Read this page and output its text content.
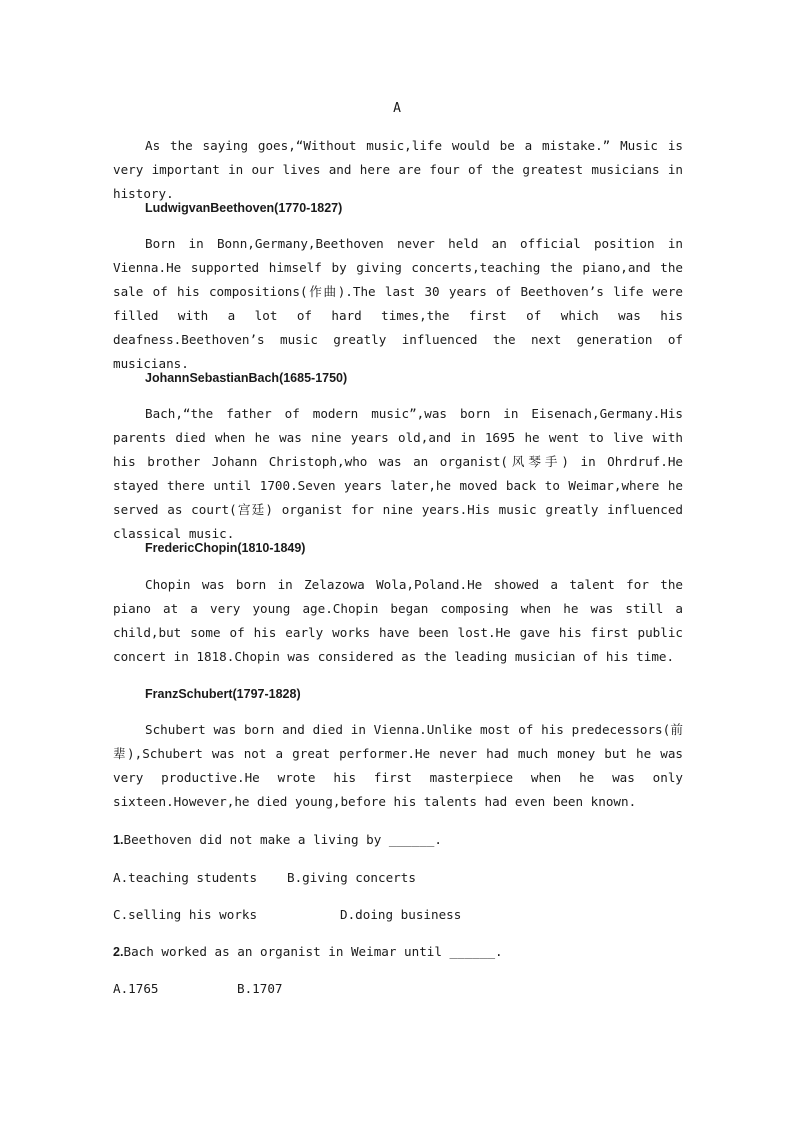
A

As the saying goes,“Without music,life would be a mistake.” Music is very important in our lives and here are four of the greatest musicians in history.

LudwigvanBeethoven(1770-1827)

Born in Bonn,Germany,Beethoven never held an official position in Vienna.He supported himself by giving concerts,teaching the piano,and the sale of his compositions(作曲).The last 30 years of Beethoven’s life were filled with a lot of hard times,the first of which was his deafness.Beethoven’s music greatly influenced the next generation of musicians.

JohannSebastianBach(1685-1750)

Bach,“the father of modern music”,was born in Eisenach,Germany.His parents died when he was nine years old,and in 1695 he went to live with his brother Johann Christoph,who was an organist(风琴手) in Ohrdruf.He stayed there until 1700.Seven years later,he moved back to Weimar,where he served as court(宫廷) organist for nine years.His music greatly influenced classical music.

FredericChopin(1810-1849)

Chopin was born in Zelazowa Wola,Poland.He showed a talent for the piano at a very young age.Chopin began composing when he was still a child,but some of his early works have been lost.He gave his first public concert in 1818.Chopin was considered as the leading musician of his time.

FranzSchubert(1797-1828)

Schubert was born and died in Vienna.Unlike most of his predecessors(前辈),Schubert was not a great performer.He never had much money but he was very productive.He wrote his first masterpiece when he was only sixteen.However,he died young,before his talents had even been known.

1.Beethoven did not make a living by ______.
A.teaching students B.giving concerts
C.selling his works	D.doing business
2.Bach worked as an organist in Weimar until ______.
A.1765	B.1707
